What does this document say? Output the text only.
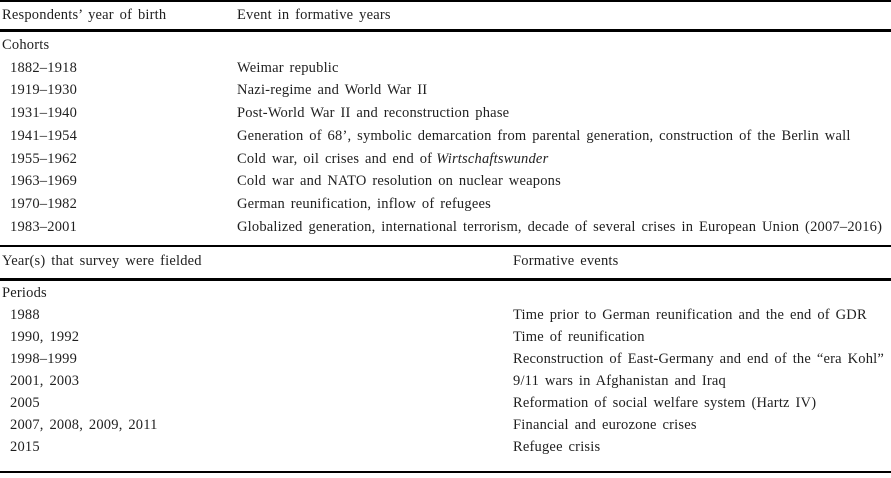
Respondents’ year of birth	Event in formative years
Cohorts
1882–1918	Weimar republic
1919–1930	Nazi-regime and World War II
1931–1940	Post-World War II and reconstruction phase
1941–1954	Generation of 68’, symbolic demarcation from parental generation, construction of the Berlin wall
1955–1962	Cold war, oil crises and end of Wirtschaftswunder
1963–1969	Cold war and NATO resolution on nuclear weapons
1970–1982	German reunification, inflow of refugees
1983–2001	Globalized generation, international terrorism, decade of several crises in European Union (2007–2016)
Year(s) that survey were fielded	Formative events
Periods
1988	Time prior to German reunification and the end of GDR
1990, 1992	Time of reunification
1998–1999	Reconstruction of East-Germany and end of the “era Kohl”
2001, 2003	9/11 wars in Afghanistan and Iraq
2005	Reformation of social welfare system (Hartz IV)
2007, 2008, 2009, 2011	Financial and eurozone crises
2015	Refugee crisis
